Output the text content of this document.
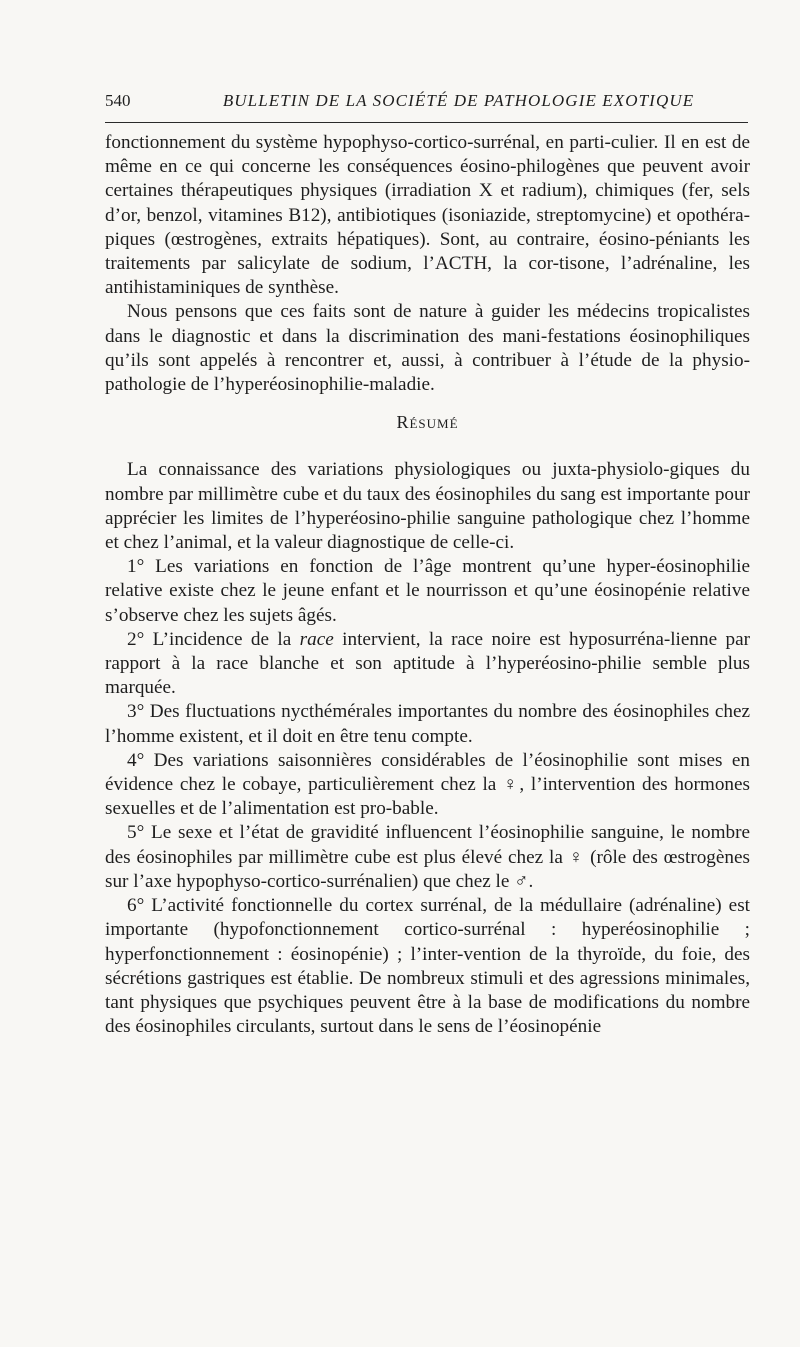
540	BULLETIN DE LA SOCIÉTÉ DE PATHOLOGIE EXOTIQUE

fonctionnement du système hypophyso-cortico-surrénal, en parti-culier. Il en est de même en ce qui concerne les conséquences éosino-philogènes que peuvent avoir certaines thérapeutiques physiques (irradiation X et radium), chimiques (fer, sels d’or, benzol, vitamines B12), antibiotiques (isoniazide, streptomycine) et opothéra-piques (œstrogènes, extraits hépatiques). Sont, au contraire, éosino-péniants les traitements par salicylate de sodium, l’ACTH, la cor-tisone, l’adrénaline, les antihistaminiques de synthèse.

Nous pensons que ces faits sont de nature à guider les médecins tropicalistes dans le diagnostic et dans la discrimination des mani-festations éosinophiliques qu’ils sont appelés à rencontrer et, aussi, à contribuer à l’étude de la physio-pathologie de l’hyperéosinophilie-maladie.

Résumé

La connaissance des variations physiologiques ou juxta-physiolo-giques du nombre par millimètre cube et du taux des éosinophiles du sang est importante pour apprécier les limites de l’hyperéosino-philie sanguine pathologique chez l’homme et chez l’animal, et la valeur diagnostique de celle-ci.

1° Les variations en fonction de l’âge montrent qu’une hyper-éosinophilie relative existe chez le jeune enfant et le nourrisson et qu’une éosinopénie relative s’observe chez les sujets âgés.

2° L’incidence de la race intervient, la race noire est hyposurréna-lienne par rapport à la race blanche et son aptitude à l’hyperéosino-philie semble plus marquée.

3° Des fluctuations nycthémérales importantes du nombre des éosinophiles chez l’homme existent, et il doit en être tenu compte.

4° Des variations saisonnières considérables de l’éosinophilie sont mises en évidence chez le cobaye, particulièrement chez la ♀, l’intervention des hormones sexuelles et de l’alimentation est pro-bable.

5° Le sexe et l’état de gravidité influencent l’éosinophilie sanguine, le nombre des éosinophiles par millimètre cube est plus élevé chez la ♀ (rôle des œstrogènes sur l’axe hypophyso-cortico-surrénalien) que chez le ♂.

6° L’activité fonctionnelle du cortex surrénal, de la médullaire (adrénaline) est importante (hypofonctionnement cortico-surrénal : hyperéosinophilie ; hyperfonctionnement : éosinopénie) ; l’inter-vention de la thyroïde, du foie, des sécrétions gastriques est établie. De nombreux stimuli et des agressions minimales, tant physiques que psychiques peuvent être à la base de modifications du nombre des éosinophiles circulants, surtout dans le sens de l’éosinopénie
